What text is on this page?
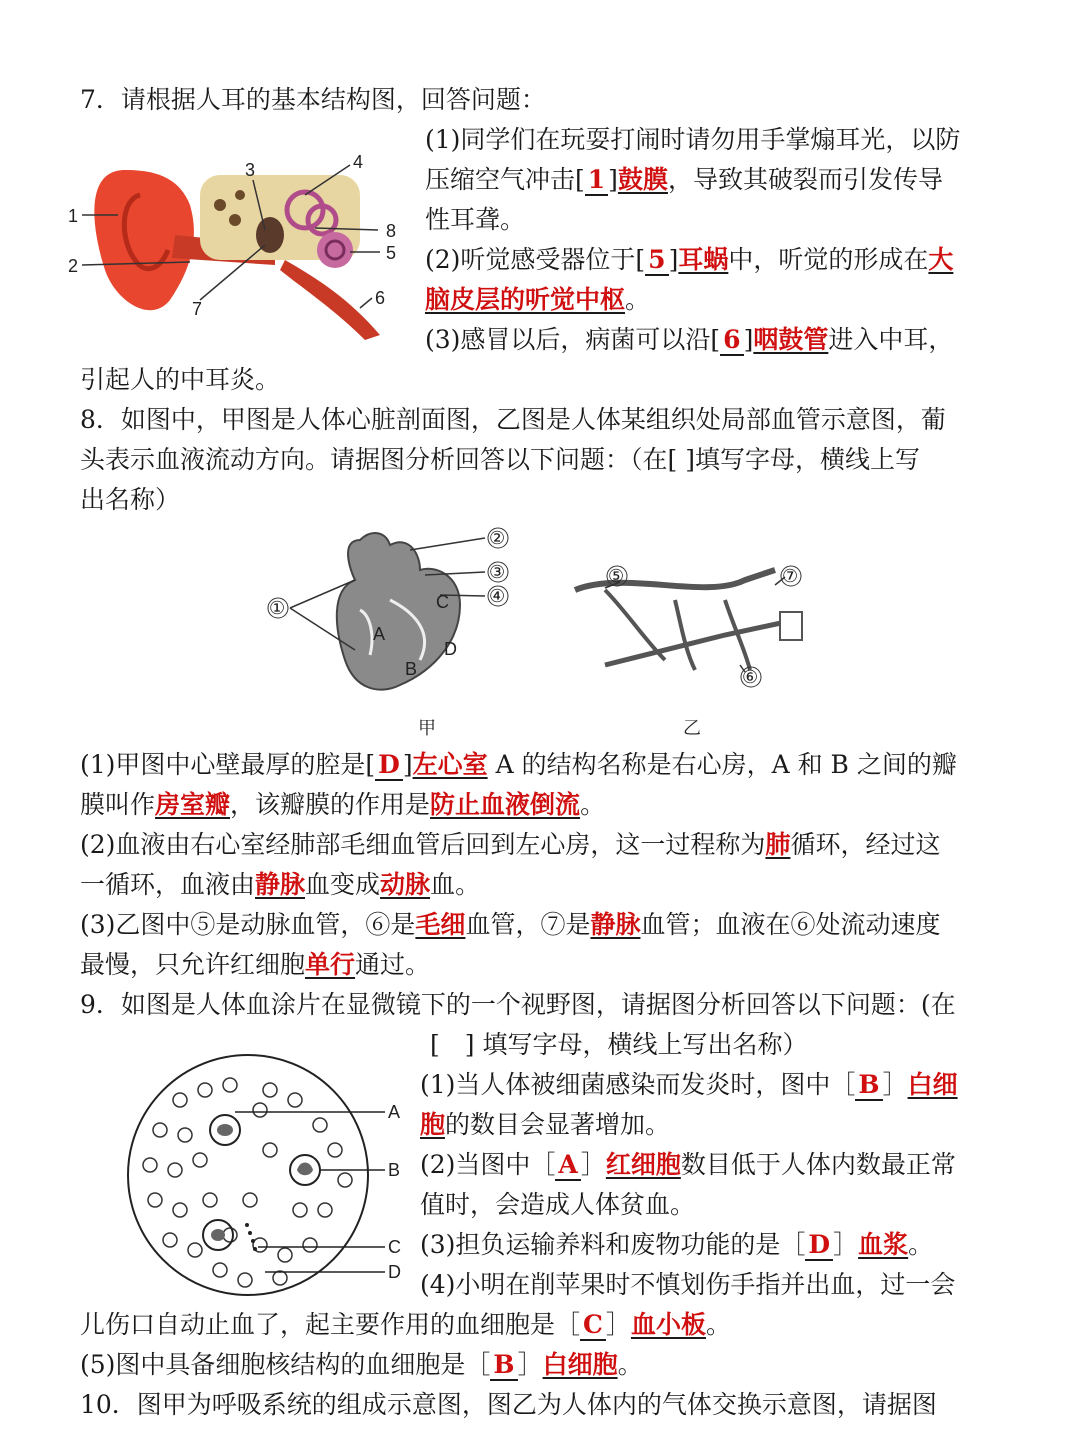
7．请根据人耳的基本结构图，回答问题：
1
2
3	4
5
6
7
8
(1)同学们在玩耍打闹时请勿用手掌煽耳光，以防
压缩空气冲击[ 1 ]鼓膜，导致其破裂而引发传导
性耳聋。
(2)听觉感受器位于[ 5 ]耳蜗中，听觉的形成在大
脑皮层的听觉中枢。
(3)感冒以后，病菌可以沿[ 6 ]咽鼓管进入中耳，
引起人的中耳炎。
8．如图中，甲图是人体心脏剖面图，乙图是人体某组织处局部血管示意图，葡
头表示血液流动方向。请据图分析回答以下问题：（在[ ]填写字母，横线上写
出名称）
①
②
③
④
A
B
C
D
甲
⑤
⑥
⑦
乙
(1)甲图中心壁最厚的腔是[ D ]左心室 A 的结构名称是右心房，A 和 B 之间的瓣
膜叫作房室瓣，该瓣膜的作用是防止血液倒流。
(2)血液由右心室经肺部毛细血管后回到左心房，这一过程称为肺循环，经过这
一循环，血液由静脉血变成动脉血。
(3)乙图中⑤是动脉血管，⑥是毛细血管，⑦是静脉血管；血液在⑥处流动速度
最慢，只允许红细胞单行通过。
9．如图是人体血涂片在显微镜下的一个视野图，请据图分析回答以下问题：(在
[　] 填写字母，横线上写出名称）
A
B
C
D
(1)当人体被细菌感染而发炎时，图中［ B ］白细
胞的数目会显著增加。
(2)当图中［ A ］红细胞数目低于人体内数最正常
值时，会造成人体贫血。
(3)担负运输养料和废物功能的是［ D ］血浆。
(4)小明在削苹果时不慎划伤手指并出血，过一会
儿伤口自动止血了，起主要作用的血细胞是［ C ］血小板。
(5)图中具备细胞核结构的血细胞是［ B ］白细胞。
10．图甲为呼吸系统的组成示意图，图乙为人体内的气体交换示意图，请据图
